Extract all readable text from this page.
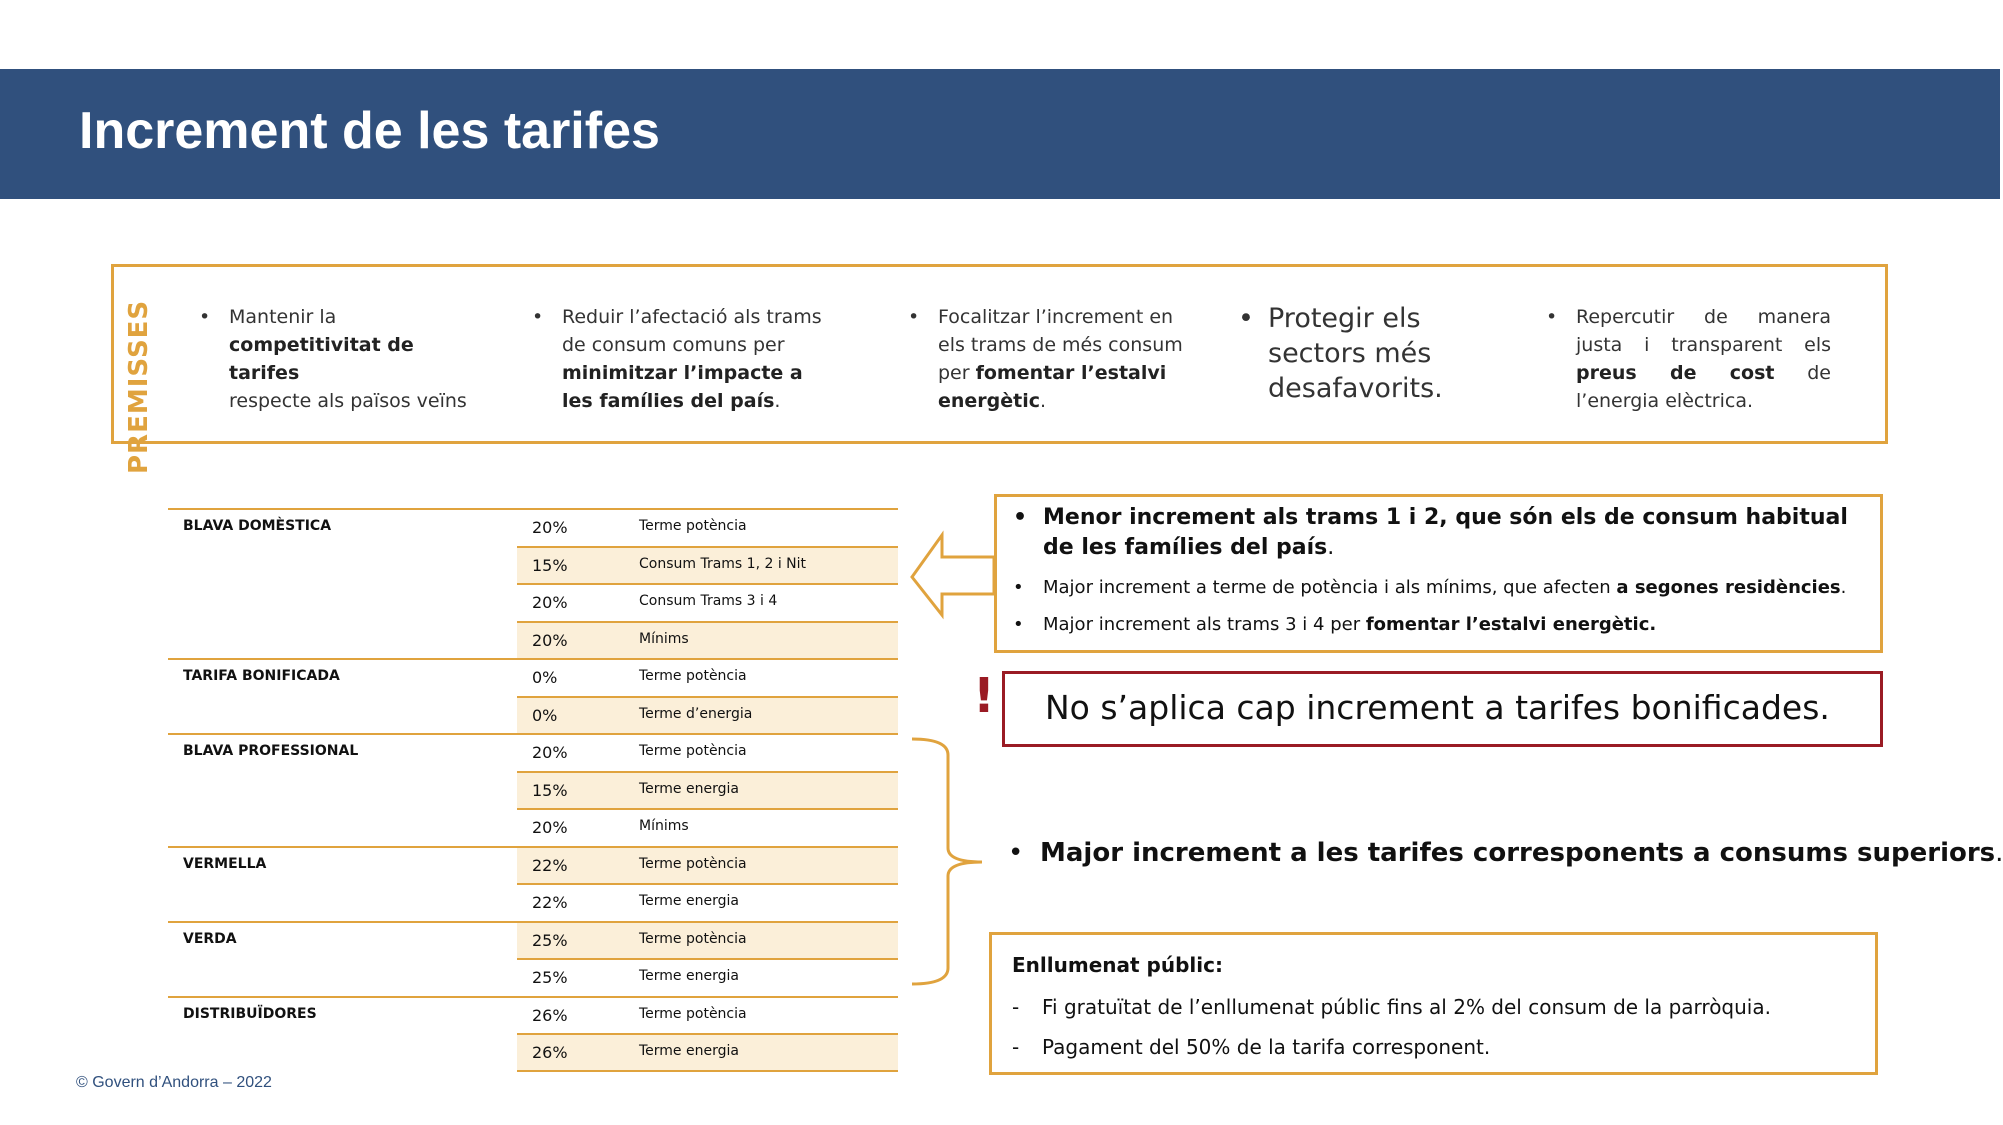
Increment de les tarifes
PREMISSES • Mantenir la
competitivitat de tarifes
respecte als països veïns
• Reduir l’afectació als trams de consum comuns per minimitzar l’impacte a les famílies del país.
• Focalitzar l’increment en els trams de més consum per fomentar l’estalvi energètic.
• Protegir els sectors més desafavorits.
• Repercutir de manera justa i transparent els preus de cost de l’energia elèctrica.
BLAVA DOMÈSTICA	20%	Terme potència
15%	Consum Trams 1, 2 i Nit
20%	Consum Trams 3 i 4
20%	Mínims
TARIFA BONIFICADA	0%	Terme potència
0%	Terme d’energia
BLAVA PROFESSIONAL	20%	Terme potència
15%	Terme energia
20%	Mínims
VERMELLA	22%	Terme potència
22%	Terme energia
VERDA	25%	Terme potència
25%	Terme energia
DISTRIBUÏDORES	26%	Terme potència
26%	Terme energia
• Menor increment als trams 1 i 2, que són els de consum habitual de les famílies del país.
• Major increment a terme de potència i als mínims, que afecten a segones residències.
• Major increment als trams 3 i 4 per fomentar l’estalvi energètic.
! No s’aplica cap increment a tarifes bonificades.
• Major increment a les tarifes corresponents a consums superiors.
Enllumenat públic:
- Fi gratuïtat de l’enllumenat públic fins al 2% del consum de la parròquia.
- Pagament del 50% de la tarifa corresponent.
© Govern d’Andorra – 2022
